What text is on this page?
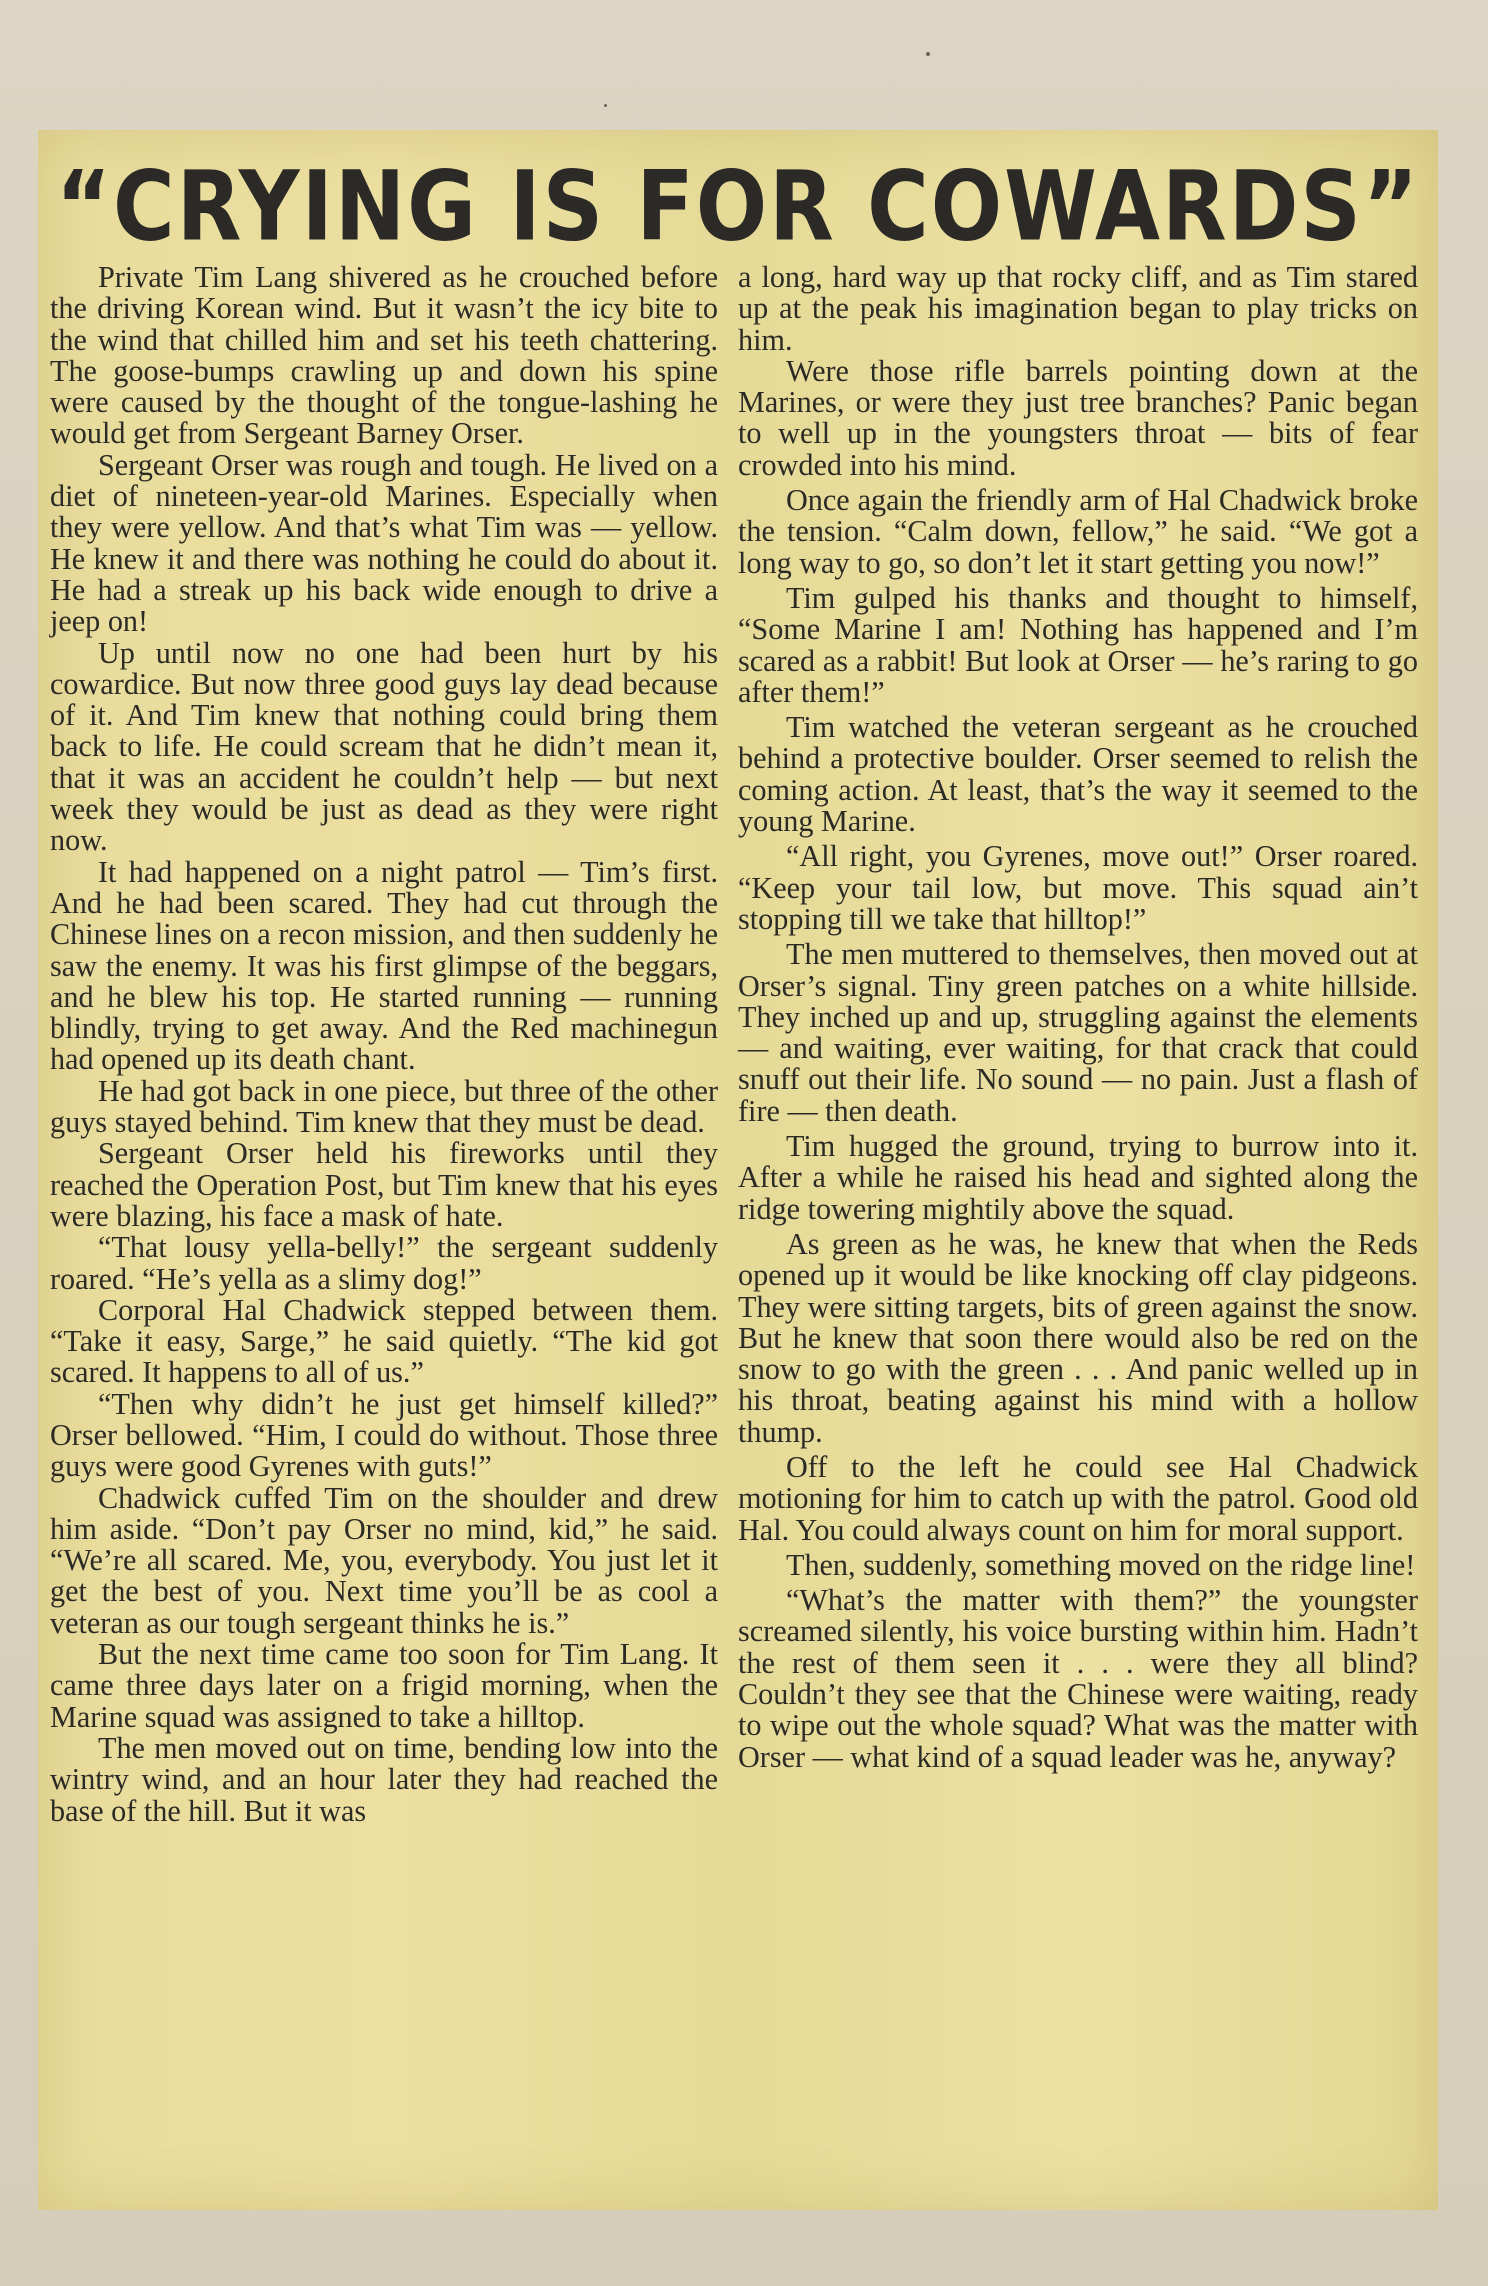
“CRYING IS FOR COWARDS”

Private Tim Lang shivered as he crouched before the driving Korean wind. But it wasn’t the icy bite to the wind that chilled him and set his teeth chattering. The goose-bumps crawling up and down his spine were caused by the thought of the tongue-lashing he would get from Sergeant Barney Orser.

Sergeant Orser was rough and tough. He lived on a diet of nineteen-year-old Marines. Especially when they were yellow. And that’s what Tim was — yellow. He knew it and there was nothing he could do about it. He had a streak up his back wide enough to drive a jeep on!

Up until now no one had been hurt by his cowardice. But now three good guys lay dead because of it. And Tim knew that nothing could bring them back to life. He could scream that he didn’t mean it, that it was an accident he couldn’t help — but next week they would be just as dead as they were right now.

It had happened on a night patrol — Tim’s first. And he had been scared. They had cut through the Chinese lines on a recon mission, and then suddenly he saw the enemy. It was his first glimpse of the beggars, and he blew his top. He started running — running blindly, trying to get away. And the Red machinegun had opened up its death chant.

He had got back in one piece, but three of the other guys stayed behind. Tim knew that they must be dead.

Sergeant Orser held his fireworks until they reached the Operation Post, but Tim knew that his eyes were blazing, his face a mask of hate.

“That lousy yella-belly!” the sergeant suddenly roared. “He’s yella as a slimy dog!”

Corporal Hal Chadwick stepped between them. “Take it easy, Sarge,” he said quietly. “The kid got scared. It happens to all of us.”

“Then why didn’t he just get himself killed?” Orser bellowed. “Him, I could do without. Those three guys were good Gyrenes with guts!”

Chadwick cuffed Tim on the shoulder and drew him aside. “Don’t pay Orser no mind, kid,” he said. “We’re all scared. Me, you, everybody. You just let it get the best of you. Next time you’ll be as cool a veteran as our tough sergeant thinks he is.”

But the next time came too soon for Tim Lang. It came three days later on a frigid morning, when the Marine squad was assigned to take a hilltop.

The men moved out on time, bending low into the wintry wind, and an hour later they had reached the base of the hill. But it was

a long, hard way up that rocky cliff, and as Tim stared up at the peak his imagination began to play tricks on him.

Were those rifle barrels pointing down at the Marines, or were they just tree branches? Panic began to well up in the youngsters throat — bits of fear crowded into his mind.

Once again the friendly arm of Hal Chadwick broke the tension. “Calm down, fellow,” he said. “We got a long way to go, so don’t let it start getting you now!”

Tim gulped his thanks and thought to himself, “Some Marine I am! Nothing has happened and I’m scared as a rabbit! But look at Orser — he’s raring to go after them!”

Tim watched the veteran sergeant as he crouched behind a protective boulder. Orser seemed to relish the coming action. At least, that’s the way it seemed to the young Marine.

“All right, you Gyrenes, move out!” Orser roared. “Keep your tail low, but move. This squad ain’t stopping till we take that hilltop!”

The men muttered to themselves, then moved out at Orser’s signal. Tiny green patches on a white hillside. They inched up and up, struggling against the elements — and waiting, ever waiting, for that crack that could snuff out their life. No sound — no pain. Just a flash of fire — then death.

Tim hugged the ground, trying to burrow into it. After a while he raised his head and sighted along the ridge towering mightily above the squad.

As green as he was, he knew that when the Reds opened up it would be like knocking off clay pidgeons. They were sitting targets, bits of green against the snow. But he knew that soon there would also be red on the snow to go with the green . . . And panic welled up in his throat, beating against his mind with a hollow thump.

Off to the left he could see Hal Chadwick motioning for him to catch up with the patrol. Good old Hal. You could always count on him for moral support.

Then, suddenly, something moved on the ridge line!

“What’s the matter with them?” the youngster screamed silently, his voice bursting within him. Hadn’t the rest of them seen it . . . were they all blind? Couldn’t they see that the Chinese were waiting, ready to wipe out the whole squad? What was the matter with Orser — what kind of a squad leader was he, anyway?
